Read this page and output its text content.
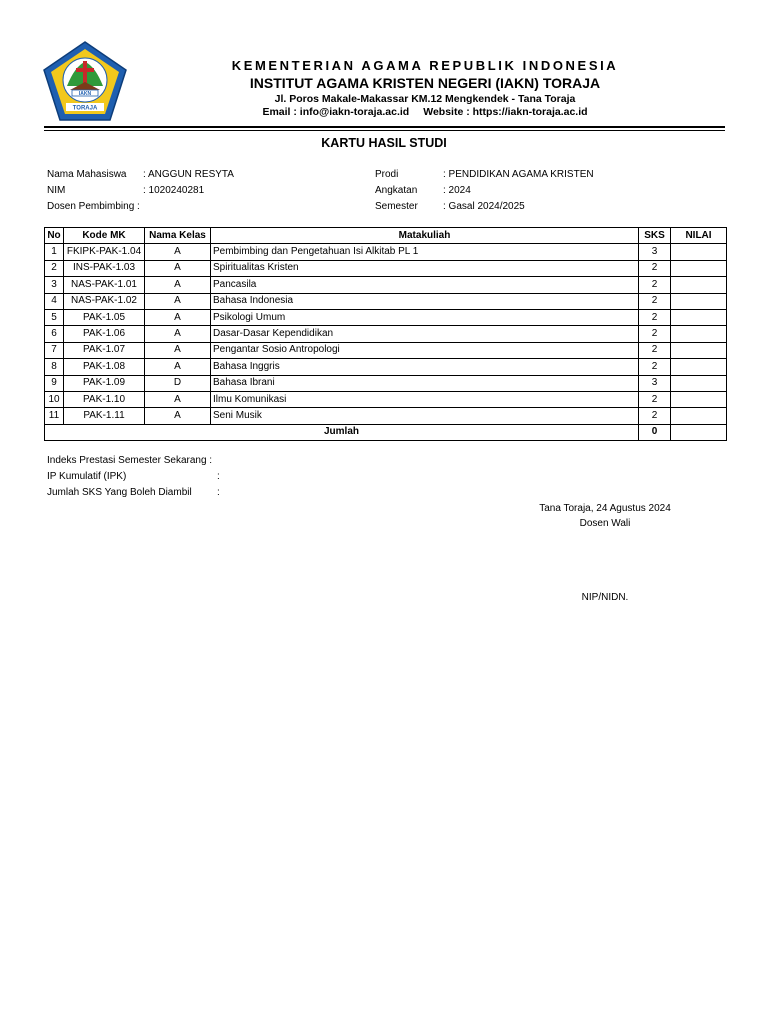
IAKN
TORAJA
KEMENTERIAN AGAMA REPUBLIK INDONESIA
INSTITUT AGAMA KRISTEN NEGERI (IAKN) TORAJA
Jl. Poros Makale-Makassar KM.12 Mengkendek - Tana Toraja
Email : info@iakn-toraja.ac.id Website : https://iakn-toraja.ac.id
KARTU HASIL STUDI
Nama Mahasiswa : ANGGUN RESYTA
NIM	: 1020240281
Dosen Pembimbing :
Prodi	: PENDIDIKAN AGAMA KRISTEN
Angkatan	: 2024
Semester	: Gasal 2024/2025
No	Kode MK	Nama Kelas	Matakuliah	SKS	NILAI
1	FKIPK-PAK-1.04	A	Pembimbing dan Pengetahuan Isi Alkitab PL 1	3	
2	INS-PAK-1.03	A	Spiritualitas Kristen	2	
3	NAS-PAK-1.01	A	Pancasila	2	
4	NAS-PAK-1.02	A	Bahasa Indonesia	2	
5	PAK-1.05	A	Psikologi Umum	2	
6	PAK-1.06	A	Dasar-Dasar Kependidikan	2	
7	PAK-1.07	A	Pengantar Sosio Antropologi	2	
8	PAK-1.08	A	Bahasa Inggris	2	
9	PAK-1.09	D	Bahasa Ibrani	3	
10	PAK-1.10	A	Ilmu Komunikasi	2	
11	PAK-1.11	A	Seni Musik	2	
Jumlah				0	
Indeks Prestasi Semester Sekarang :
IP Kumulatif (IPK)	:
Jumlah SKS Yang Boleh Diambil	:
Tana Toraja, 24 Agustus 2024
Dosen Wali
NIP/NIDN.
